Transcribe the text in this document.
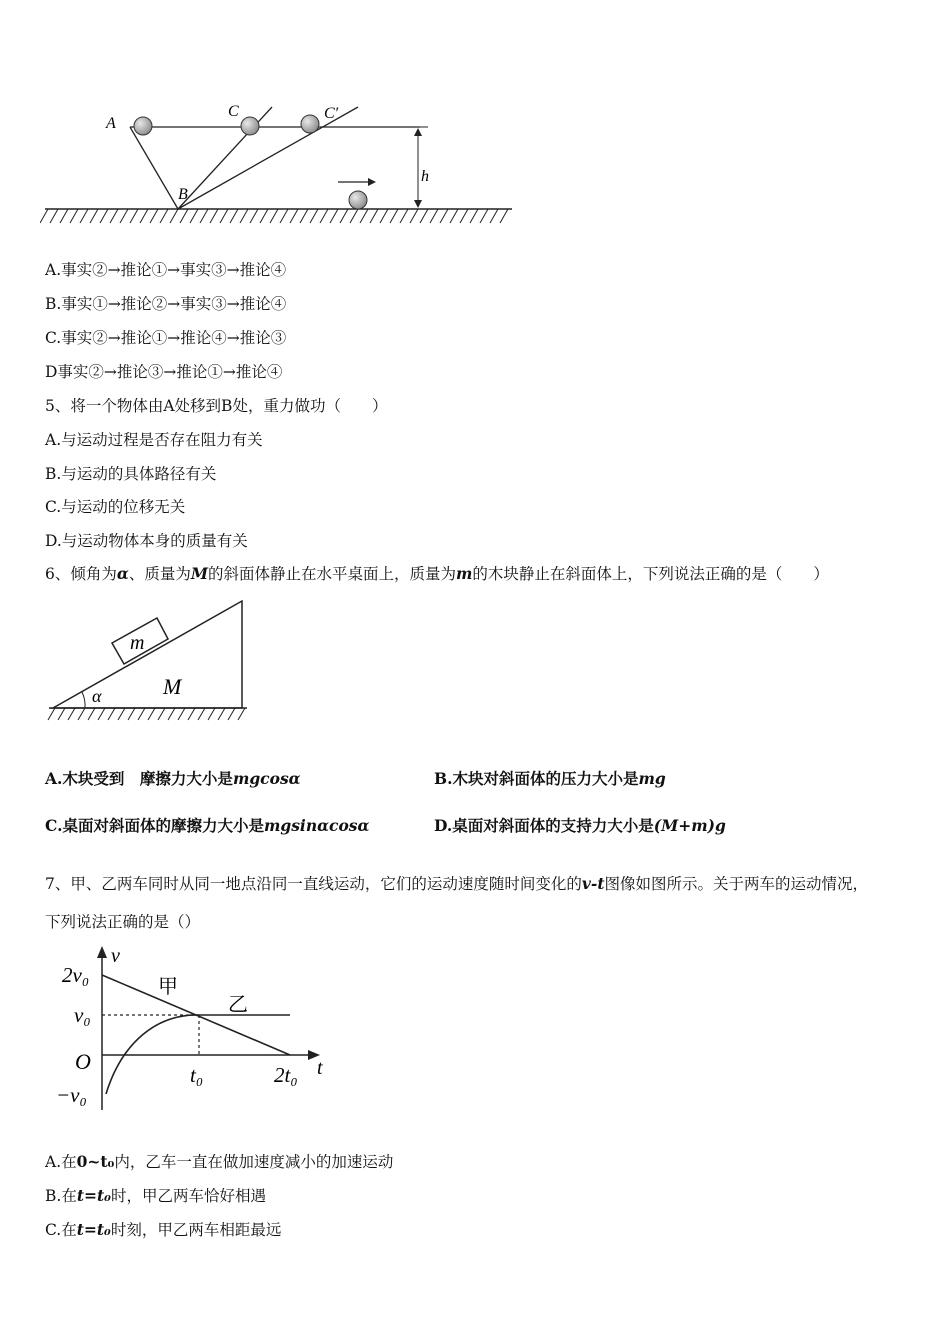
A
C	C′
B
h
A.事实②→推论①→事实③→推论④
B.事实①→推论②→事实③→推论④
C.事实②→推论①→推论④→推论③
D事实②→推论③→推论①→推论④
5、将一个物体由A处移到B处，重力做功（　　）
A.与运动过程是否存在阻力有关
B.与运动的具体路径有关
C.与运动的位移无关
D.与运动物体本身的质量有关
6、倾角为α、质量为M的斜面体静止在水平桌面上，质量为m的木块静止在斜面体上，下列说法正确的是（　　）
m
M
α
A.木块受到　摩擦力大小是mgcosα	B.木块对斜面体的压力大小是mg
C.桌面对斜面体的摩擦力大小是mgsinαcosα	D.桌面对斜面体的支持力大小是(M+m)g
7、甲、乙两车同时从同一地点沿同一直线运动，它们的运动速度随时间变化的v-t图像如图所示。关于两车的运动情况，
下列说法正确的是（）
v
t
O
2v₀
v₀
−v₀
t₀	2t₀
甲
乙
A.在0~t₀内，乙车一直在做加速度减小的加速运动
B.在t=t₀时，甲乙两车恰好相遇
C.在t=t₀时刻，甲乙两车相距最远
